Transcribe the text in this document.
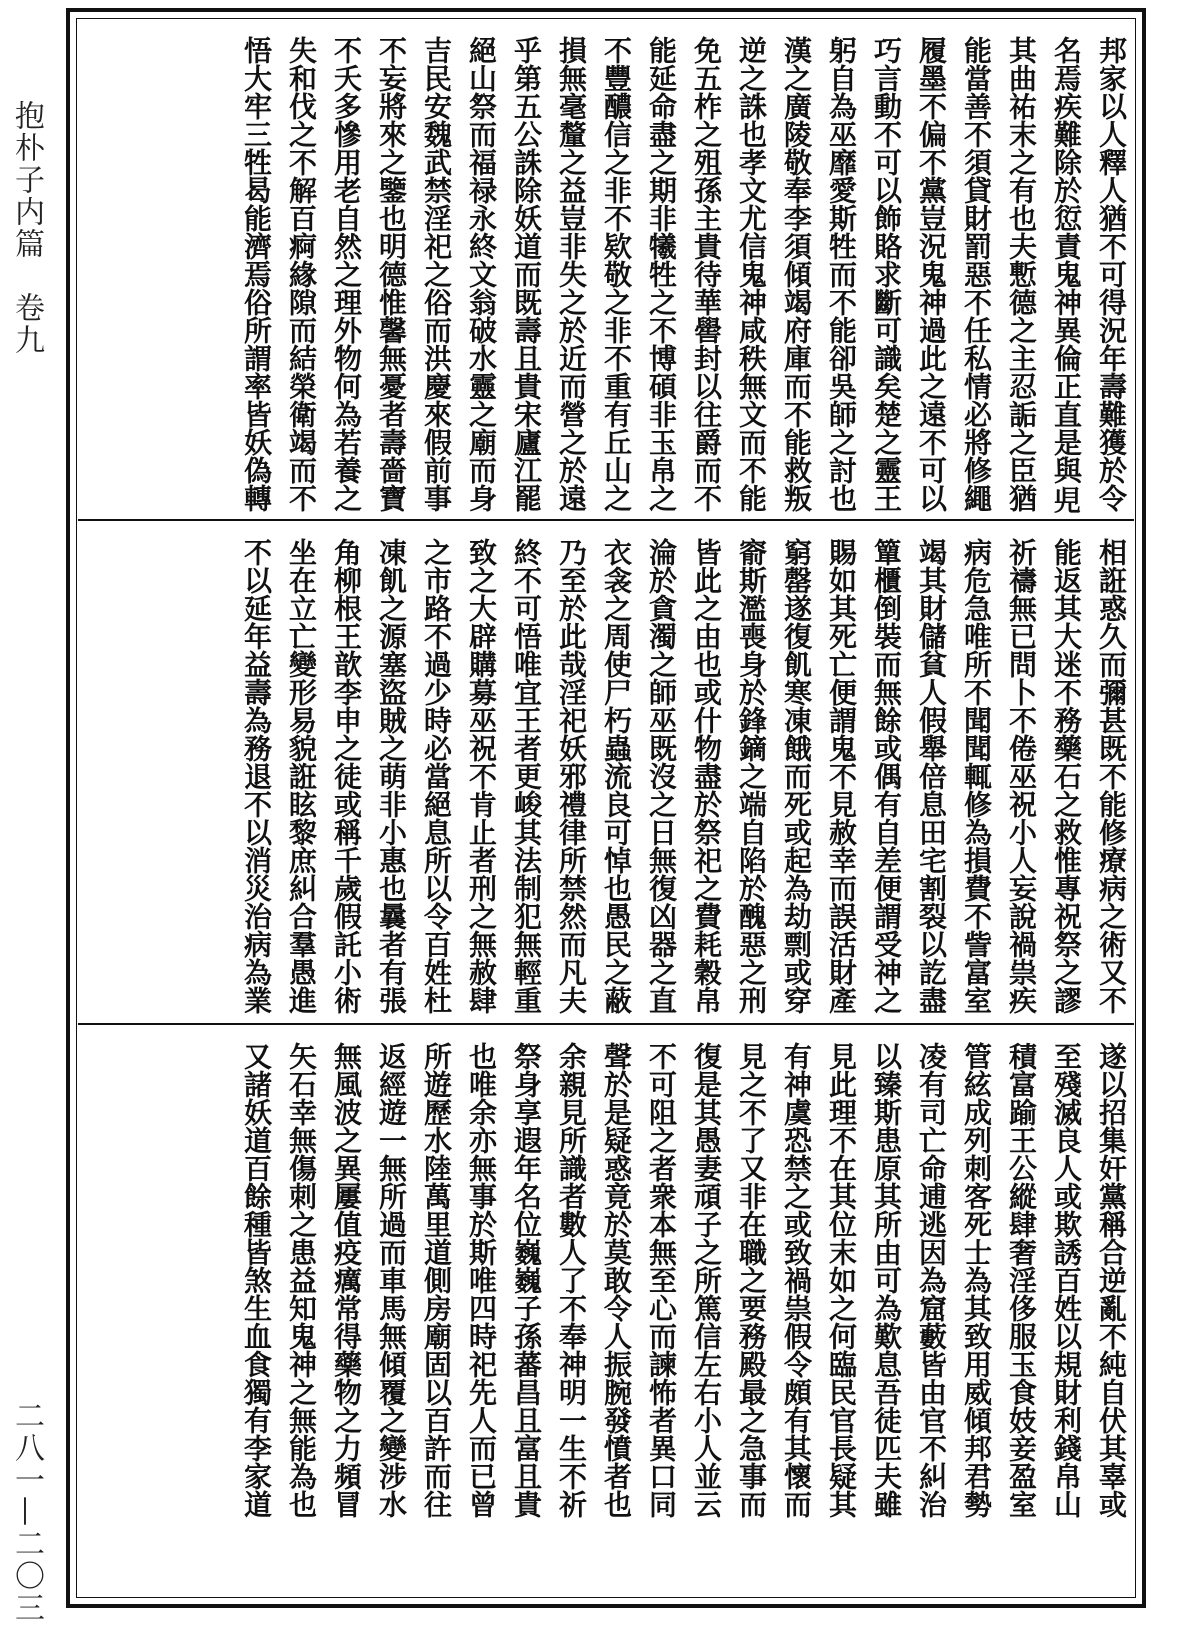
抱朴子内篇　卷九
二八一—二〇三
邦家以人釋人猶不可得況年壽難獲於令
名焉疾難除於愆責鬼神異倫正直是與𧠇
其曲祐末之有也夫慙德之主忍詬之臣猶
能當善不須貸財罰惡不任私情必將修繩
履墨不偏不黨豈況鬼神過此之遠不可以
巧言動不可以飾賂求斷可識矣楚之靈王
躬自為巫靡愛斯牲而不能卻吳師之討也
漢之廣陵敬奉李須傾竭府庫而不能救叛
逆之誅也孝文尤信鬼神咸秩無文而不能
免五柞之殂孫主貴待華嚳封以往爵而不
能延命盡之期非犧牲之不博碩非玉帛之
不豐醲信之非不欵敬之非不重有丘山之
損無毫釐之益豈非失之於近而營之於遠
乎第五公誅除妖道而既壽且貴宋廬江罷
絕山祭而福禄永終文翁破水靈之廟而身
吉民安魏武禁淫祀之俗而洪慶來假前事
不妄將來之鑒也明德惟馨無憂者壽嗇寶
不夭多慘用老自然之理外物何為若養之
失和伐之不解百痾緣隙而結榮衛竭而不
悟大牢三牲曷能濟焉俗所謂率皆妖偽轉
相誑惑久而彌甚既不能修療病之術又不
能返其大迷不務藥石之救惟專祝祭之謬
祈禱無已問卜不倦巫祝小人妄說禍祟疾
病危急唯所不聞聞輒修為損費不訾富室
竭其財儲貧人假舉倍息田宅割裂以訖盡
簞櫃倒裝而無餘或偶有自差便謂受神之
賜如其死亡便謂鬼不見赦幸而誤活財產
窮罄遂復飢寒凍餓而死或起為劫剽或穿
窬斯濫喪身於鋒鏑之端自陷於醜惡之刑
皆此之由也或什物盡於祭祀之費耗穀帛
淪於貪濁之師巫既沒之日無復凶器之直
衣衾之周使尸朽蟲流良可悼也愚民之蔽
乃至於此哉淫祀妖邪禮律所禁然而凡夫
終不可悟唯宜王者更峻其法制犯無輕重
致之大辟購募巫祝不肯止者刑之無赦肆
之市路不過少時必當絕息所以令百姓杜
凍飢之源塞盜賊之萌非小惠也曩者有張
角柳根王歆李申之徒或稱千歲假託小術
坐在立亡變形易貌誑眩黎庶糾合羣愚進
不以延年益壽為務退不以消災治病為業
遂以招集奸黨稱合逆亂不純自伏其辜或
至殘滅良人或欺誘百姓以規財利錢帛山
積富踰王公縱肆奢淫侈服玉食妓妾盈室
管絃成列刺客死士為其致用威傾邦君勢
凌有司亡命逋逃因為窟藪皆由官不糾治
以臻斯患原其所由可為歎息吾徒匹夫雖
見此理不在其位末如之何臨民官長疑其
有神虞恐禁之或致禍祟假令頗有其懷而
見之不了又非在職之要務殿最之急事而
復是其愚妻頑子之所篤信左右小人並云
不可阻之者衆本無至心而諫怖者異口同
聲於是疑惑竟於莫敢令人振腕發憤者也
余親見所識者數人了不奉神明一生不祈
祭身享遐年名位巍巍子孫蕃昌且富且貴
也唯余亦無事於斯唯四時祀先人而已曾
所遊歷水陸萬里道側房廟固以百許而往
返經遊一無所過而車馬無傾覆之變涉水
無風波之異屢值疫癘常得藥物之力頻冒
矢石幸無傷刺之患益知鬼神之無能為也
又諸妖道百餘種皆煞生血食獨有李家道
